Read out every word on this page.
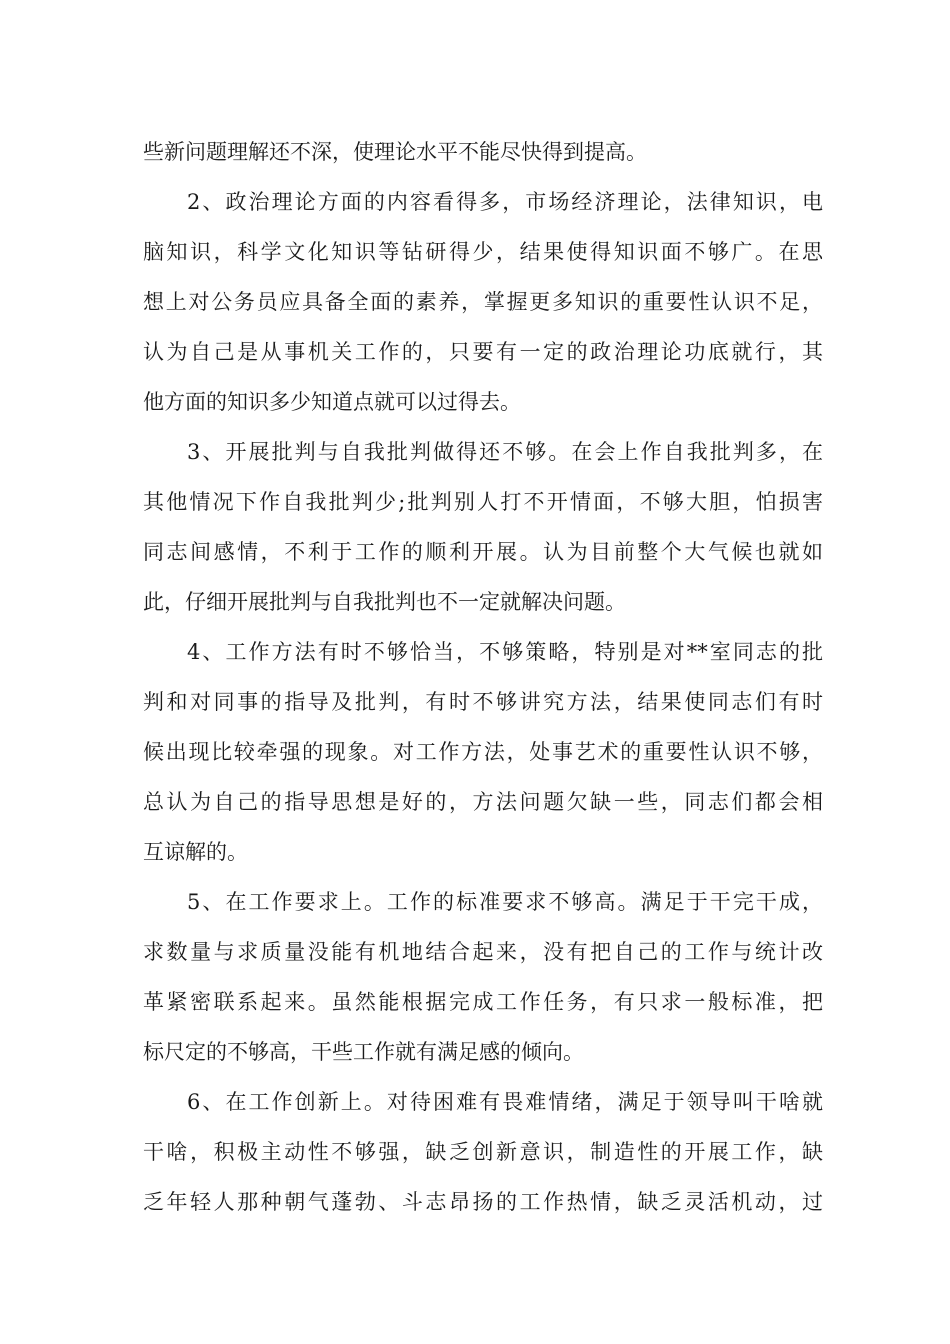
些新问题理解还不深，使理论水平不能尽快得到提高。
2、政治理论方面的内容看得多，市场经济理论，法律知识，电
脑知识，科学文化知识等钻研得少，结果使得知识面不够广。在思
想上对公务员应具备全面的素养，掌握更多知识的重要性认识不足，
认为自己是从事机关工作的，只要有一定的政治理论功底就行，其
他方面的知识多少知道点就可以过得去。
3、开展批判与自我批判做得还不够。在会上作自我批判多，在
其他情况下作自我批判少;批判别人打不开情面，不够大胆，怕损害
同志间感情，不利于工作的顺利开展。认为目前整个大气候也就如
此，仔细开展批判与自我批判也不一定就解决问题。
4、工作方法有时不够恰当，不够策略，特别是对**室同志的批
判和对同事的指导及批判，有时不够讲究方法，结果使同志们有时
候出现比较牵强的现象。对工作方法，处事艺术的重要性认识不够，
总认为自己的指导思想是好的，方法问题欠缺一些，同志们都会相
互谅解的。
5、在工作要求上。工作的标准要求不够高。满足于干完干成，
求数量与求质量没能有机地结合起来，没有把自己的工作与统计改
革紧密联系起来。虽然能根据完成工作任务，有只求一般标准，把
标尺定的不够高，干些工作就有满足感的倾向。
6、在工作创新上。对待困难有畏难情绪，满足于领导叫干啥就
干啥，积极主动性不够强，缺乏创新意识，制造性的开展工作，缺
乏年轻人那种朝气蓬勃、斗志昂扬的工作热情，缺乏灵活机动，过
